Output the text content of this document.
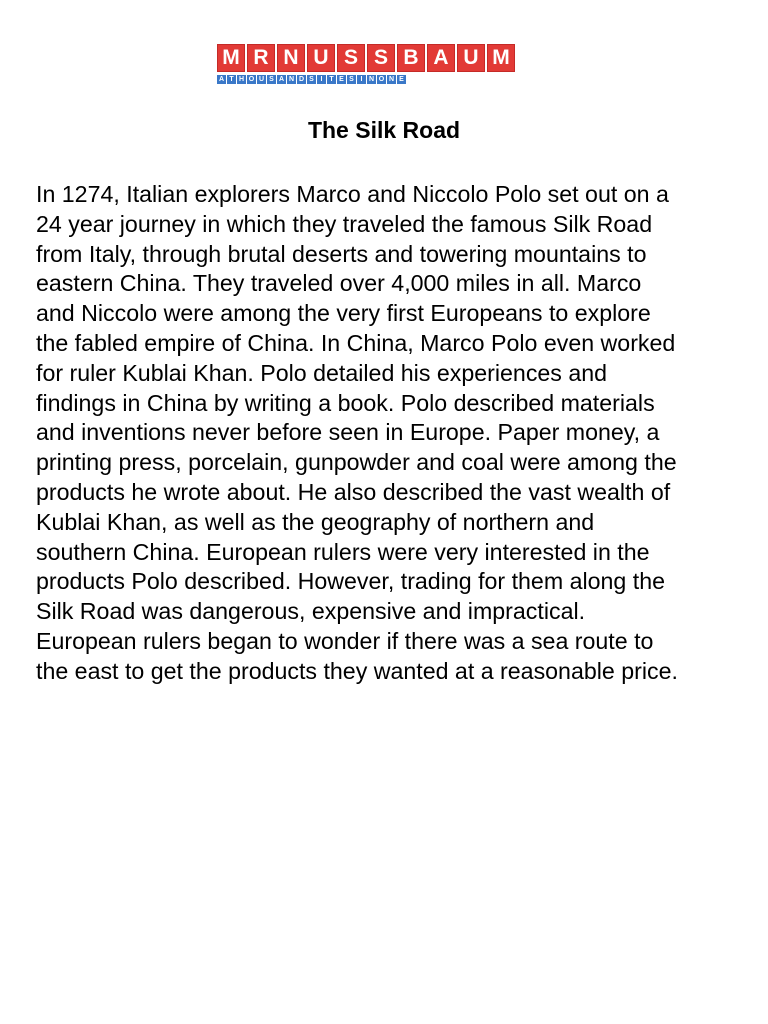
M R N U S S B A U M
A T H O U S A N D S I T E S I N O N E
The Silk Road

In 1274, Italian explorers Marco and Niccolo Polo set out on a
24 year journey in which they traveled the famous Silk Road
from Italy, through brutal deserts and towering mountains to
eastern China. They traveled over 4,000 miles in all. Marco
and Niccolo were among the very first Europeans to explore
the fabled empire of China. In China, Marco Polo even worked
for ruler Kublai Khan. Polo detailed his experiences and
findings in China by writing a book. Polo described materials
and inventions never before seen in Europe. Paper money, a
printing press, porcelain, gunpowder and coal were among the
products he wrote about. He also described the vast wealth of
Kublai Khan, as well as the geography of northern and
southern China. European rulers were very interested in the
products Polo described. However, trading for them along the
Silk Road was dangerous, expensive and impractical.
European rulers began to wonder if there was a sea route to
the east to get the products they wanted at a reasonable price.
